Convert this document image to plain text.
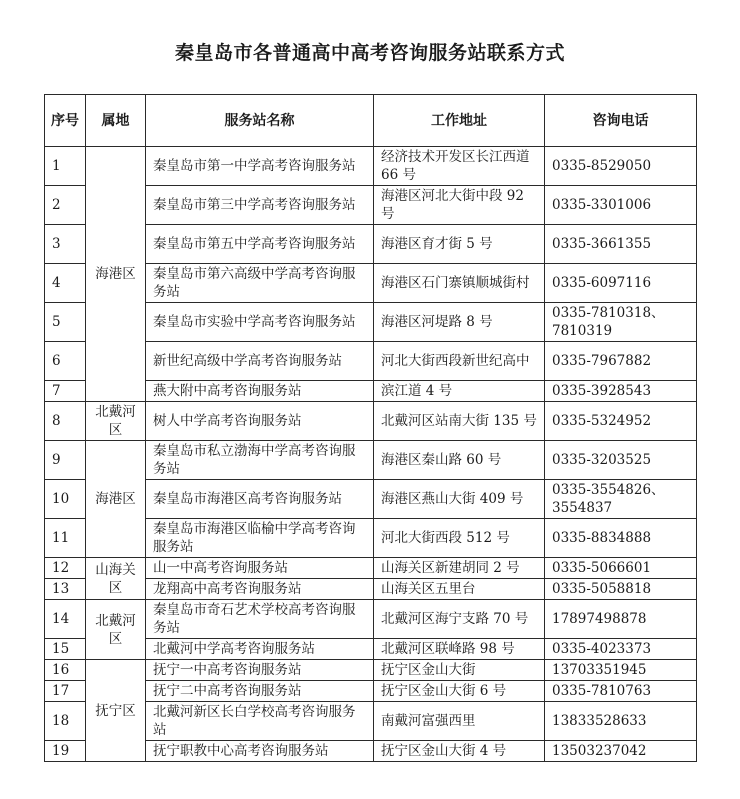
秦皇岛市各普通高中高考咨询服务站联系方式
序号	属地	服务站名称	工作地址	咨询电话
1	海港区	秦皇岛市第一中学高考咨询服务站	经济技术开发区长江西道 66 号	0335-8529050
2		秦皇岛市第三中学高考咨询服务站	海港区河北大街中段 92 号	0335-3301006
3		秦皇岛市第五中学高考咨询服务站	海港区育才街 5 号	0335-3661355
4		秦皇岛市第六高级中学高考咨询服务站	海港区石门寨镇顺城街村	0335-6097116
5		秦皇岛市实验中学高考咨询服务站	海港区河堤路 8 号	0335-7810318、7810319
6		新世纪高级中学高考咨询服务站	河北大街西段新世纪高中	0335-7967882
7		燕大附中高考咨询服务站	滨江道 4 号	0335-3928543
8	北戴河区	树人中学高考咨询服务站	北戴河区站南大街 135 号	0335-5324952
9	海港区	秦皇岛市私立渤海中学高考咨询服务站	海港区秦山路 60 号	0335-3203525
10		秦皇岛市海港区高考咨询服务站	海港区燕山大街 409 号	0335-3554826、3554837
11		秦皇岛市海港区临榆中学高考咨询服务站	河北大街西段 512 号	0335-8834888
12	山海关区	山一中高考咨询服务站	山海关区新建胡同 2 号	0335-5066601
13		龙翔高中高考咨询服务站	山海关区五里台	0335-5058818
14	北戴河区	秦皇岛市奇石艺术学校高考咨询服务站	北戴河区海宁支路 70 号	17897498878
15		北戴河中学高考咨询服务站	北戴河区联峰路 98 号	0335-4023373
16	抚宁区	抚宁一中高考咨询服务站	抚宁区金山大街	13703351945
17		抚宁二中高考咨询服务站	抚宁区金山大街 6 号	0335-7810763
18		北戴河新区长白学校高考咨询服务站	南戴河富强西里	13833528633
19		抚宁职教中心高考咨询服务站	抚宁区金山大街 4 号	13503237042
